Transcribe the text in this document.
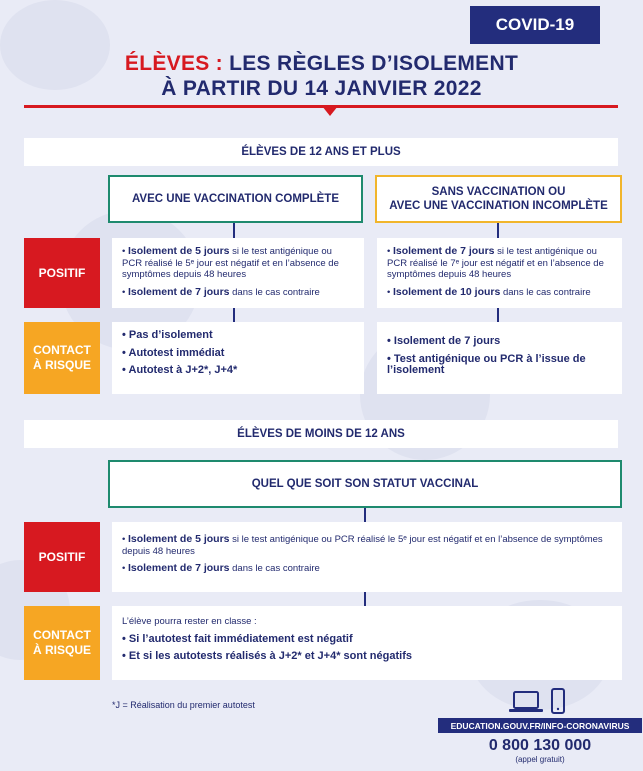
COVID-19
ÉLÈVES : LES RÈGLES D’ISOLEMENT
À PARTIR DU 14 JANVIER 2022
ÉLÈVES DE 12 ANS ET PLUS
AVEC UNE VACCINATION COMPLÈTE
SANS VACCINATION OU
AVEC UNE VACCINATION INCOMPLÈTE
POSITIF

• Isolement de 5 jours si le test antigénique ou PCR réalisé le 5ᵉ jour est négatif et en l’absence de symptômes depuis 48 heures

• Isolement de 7 jours dans le cas contraire

• Isolement de 7 jours si le test antigénique ou PCR réalisé le 7ᵉ jour est négatif et en l’absence de symptômes depuis 48 heures

• Isolement de 10 jours dans le cas contraire

CONTACT
À RISQUE

• Pas d’isolement

• Autotest immédiat

• Autotest à J+2*, J+4*

• Isolement de 7 jours

• Test antigénique ou PCR à l’issue de l’isolement

ÉLÈVES DE MOINS DE 12 ANS
QUEL QUE SOIT SON STATUT VACCINAL
POSITIF

• Isolement de 5 jours si le test antigénique ou PCR réalisé le 5ᵉ jour est négatif et en l’absence de symptômes depuis 48 heures

• Isolement de 7 jours dans le cas contraire

CONTACT
À RISQUE

L’élève pourra rester en classe :

• Si l’autotest fait immédiatement est négatif

• Et si les autotests réalisés à J+2* et J+4* sont négatifs

*J = Réalisation du premier autotest
EDUCATION.GOUV.FR/INFO-CORONAVIRUS
0 800 130 000
(appel gratuit)
